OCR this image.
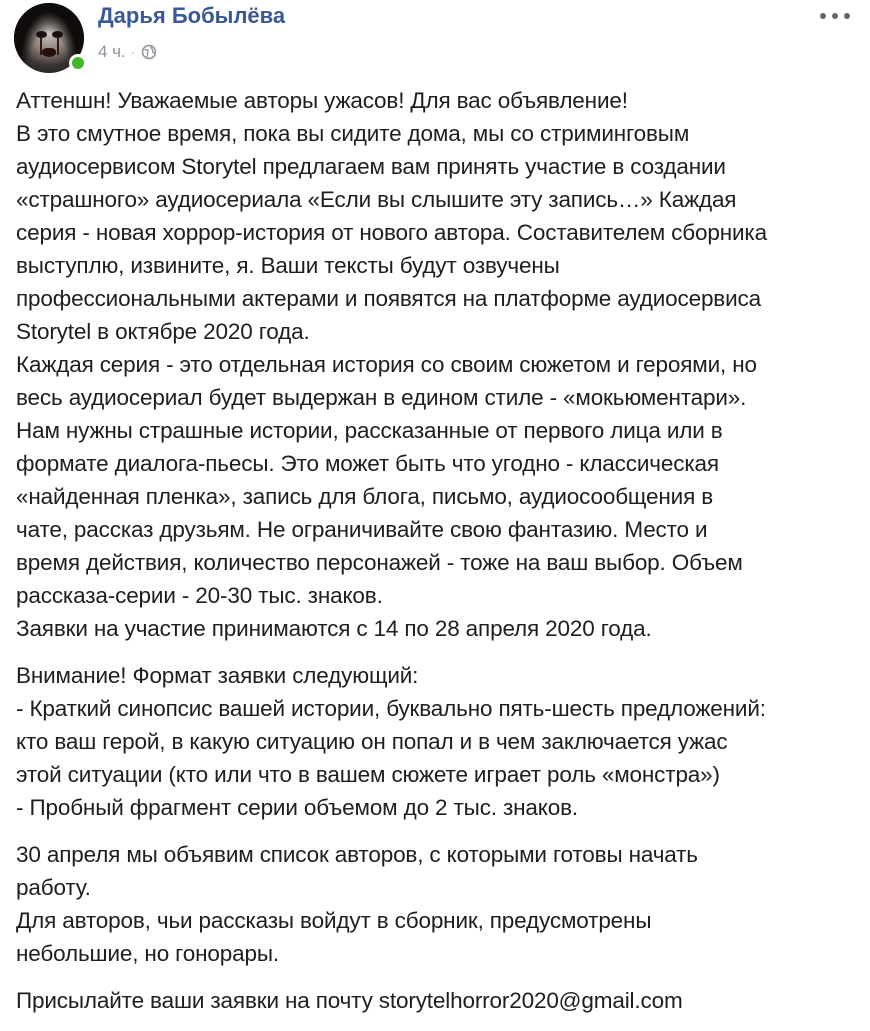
Дарья Бобылёва
4 ч. ·
Аттеншн! Уважаемые авторы ужасов! Для вас объявление!
В это смутное время, пока вы сидите дома, мы со стриминговым
аудиосервисом Storytel предлагаем вам принять участие в создании
«страшного» аудиосериала «Если вы слышите эту запись…» Каждая
серия - новая хоррор-история от нового автора. Составителем сборника
выступлю, извините, я. Ваши тексты будут озвучены
профессиональными актерами и появятся на платформе аудиосервиса
Storytel в октябре 2020 года.
Каждая серия - это отдельная история со своим сюжетом и героями, но
весь аудиосериал будет выдержан в едином стиле - «мокьюментари».
Нам нужны страшные истории, рассказанные от первого лица или в
формате диалога-пьесы. Это может быть что угодно - классическая
«найденная пленка», запись для блога, письмо, аудиосообщения в
чате, рассказ друзьям. Не ограничивайте свою фантазию. Место и
время действия, количество персонажей - тоже на ваш выбор. Объем
рассказа-серии - 20-30 тыс. знаков.
Заявки на участие принимаются с 14 по 28 апреля 2020 года.
Внимание! Формат заявки следующий:
- Краткий синопсис вашей истории, буквально пять-шесть предложений:
кто ваш герой, в какую ситуацию он попал и в чем заключается ужас
этой ситуации (кто или что в вашем сюжете играет роль «монстра»)
- Пробный фрагмент серии объемом до 2 тыс. знаков.
30 апреля мы объявим список авторов, с которыми готовы начать
работу.
Для авторов, чьи рассказы войдут в сборник, предусмотрены
небольшие, но гонорары.
Присылайте ваши заявки на почту storytelhorror2020@gmail.com
